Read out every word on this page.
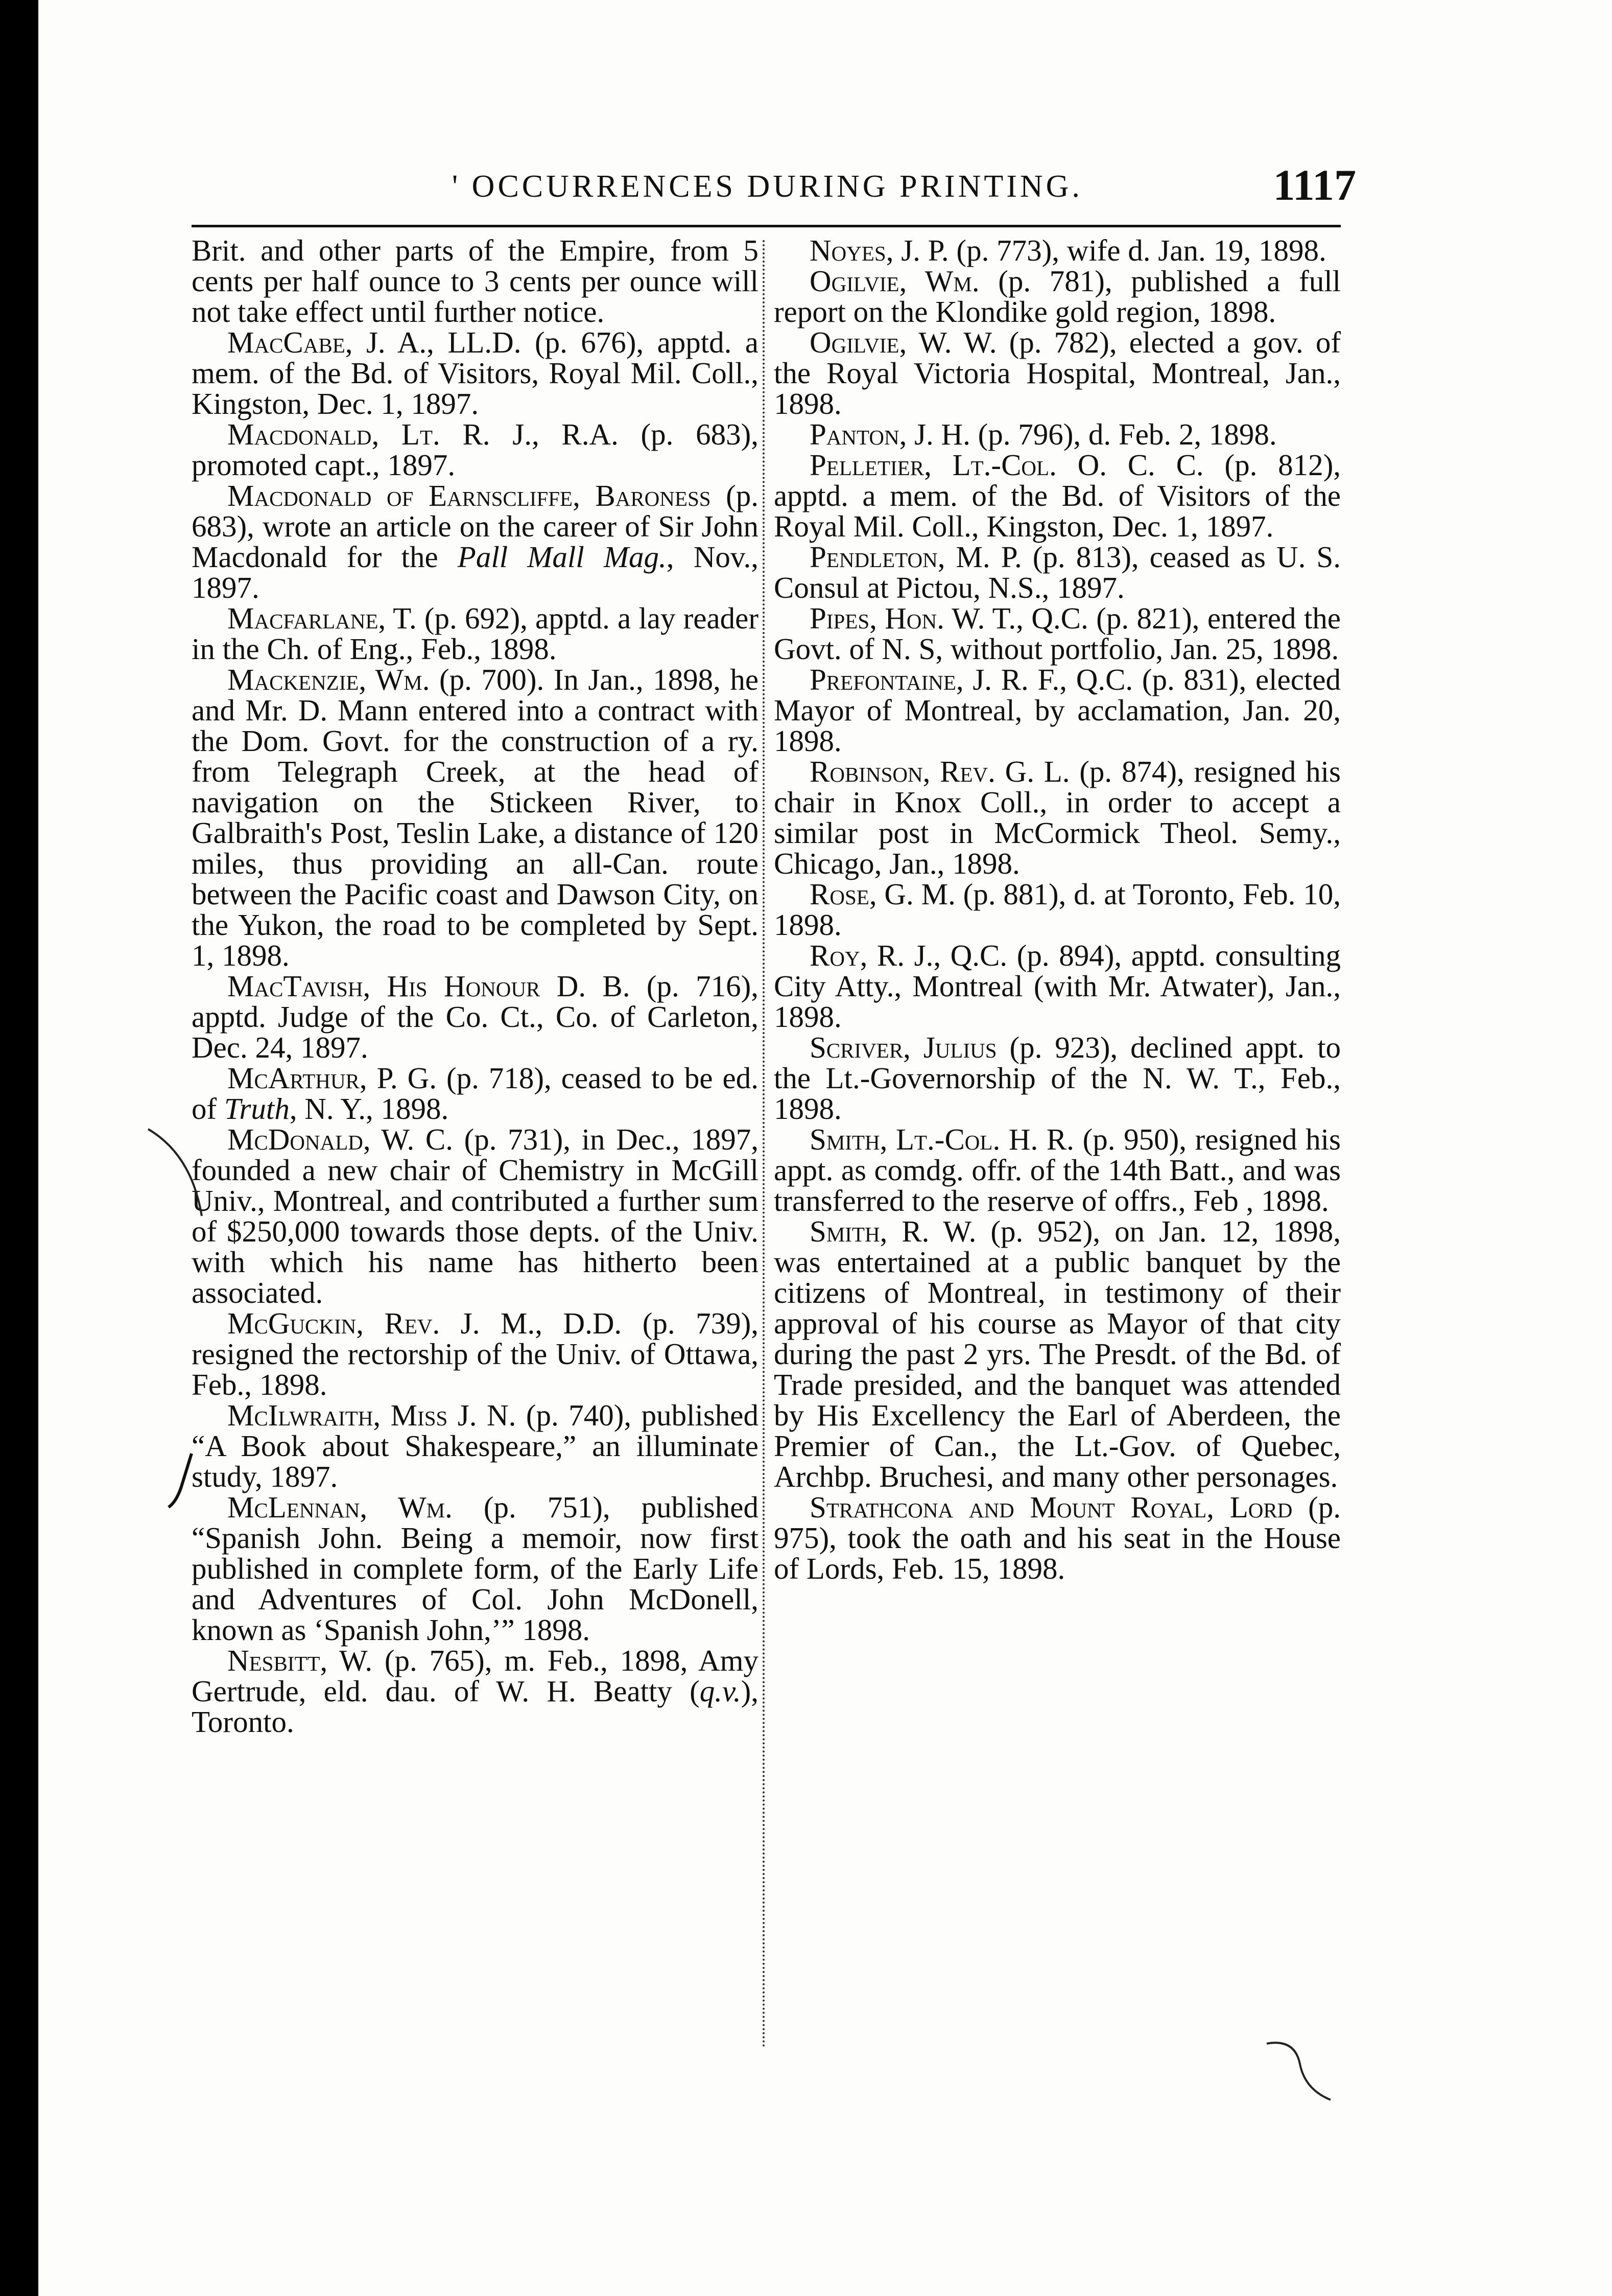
' OCCURRENCES DURING PRINTING.	1117

Brit. and other parts of the Empire, from 5 cents per half ounce to 3 cents per ounce will not take effect until further notice.

MacCabe, J. A., LL.D. (p. 676), apptd. a mem. of the Bd. of Visitors, Royal Mil. Coll., Kingston, Dec. 1, 1897.

Macdonald, Lt. R. J., R.A. (p. 683), promoted capt., 1897.

Macdonald of Earnscliffe, Baroness (p. 683), wrote an article on the career of Sir John Macdonald for the Pall Mall Mag., Nov., 1897.

Macfarlane, T. (p. 692), apptd. a lay reader in the Ch. of Eng., Feb., 1898.

Mackenzie, Wm. (p. 700). In Jan., 1898, he and Mr. D. Mann entered into a contract with the Dom. Govt. for the construction of a ry. from Telegraph Creek, at the head of navigation on the Stickeen River, to Galbraith's Post, Teslin Lake, a distance of 120 miles, thus providing an all-Can. route between the Pacific coast and Dawson City, on the Yukon, the road to be completed by Sept. 1, 1898.

MacTavish, His Honour D. B. (p. 716), apptd. Judge of the Co. Ct., Co. of Carleton, Dec. 24, 1897.

McArthur, P. G. (p. 718), ceased to be ed. of Truth, N. Y., 1898.

McDonald, W. C. (p. 731), in Dec., 1897, founded a new chair of Chemistry in McGill Univ., Montreal, and contributed a further sum of $250,000 towards those depts. of the Univ. with which his name has hitherto been associated.

McGuckin, Rev. J. M., D.D. (p. 739), resigned the rectorship of the Univ. of Ottawa, Feb., 1898.

McIlwraith, Miss J. N. (p. 740), published “A Book about Shakespeare,” an illuminate study, 1897.

McLennan, Wm. (p. 751), published “Spanish John. Being a memoir, now first published in complete form, of the Early Life and Adventures of Col. John McDonell, known as ‘Spanish John,’” 1898.

Nesbitt, W. (p. 765), m. Feb., 1898, Amy Gertrude, eld. dau. of W. H. Beatty (q.v.), Toronto.

Noyes, J. P. (p. 773), wife d. Jan. 19, 1898.

Ogilvie, Wm. (p. 781), published a full report on the Klondike gold region, 1898.

Ogilvie, W. W. (p. 782), elected a gov. of the Royal Victoria Hospital, Montreal, Jan., 1898.

Panton, J. H. (p. 796), d. Feb. 2, 1898.

Pelletier, Lt.-Col. O. C. C. (p. 812), apptd. a mem. of the Bd. of Visitors of the Royal Mil. Coll., Kingston, Dec. 1, 1897.

Pendleton, M. P. (p. 813), ceased as U. S. Consul at Pictou, N.S., 1897.

Pipes, Hon. W. T., Q.C. (p. 821), entered the Govt. of N. S, without portfolio, Jan. 25, 1898.

Prefontaine, J. R. F., Q.C. (p. 831), elected Mayor of Montreal, by acclamation, Jan. 20, 1898.

Robinson, Rev. G. L. (p. 874), resigned his chair in Knox Coll., in order to accept a similar post in McCormick Theol. Semy., Chicago, Jan., 1898.

Rose, G. M. (p. 881), d. at Toronto, Feb. 10, 1898.

Roy, R. J., Q.C. (p. 894), apptd. consulting City Atty., Montreal (with Mr. Atwater), Jan., 1898.

Scriver, Julius (p. 923), declined appt. to the Lt.-Governorship of the N. W. T., Feb., 1898.

Smith, Lt.-Col. H. R. (p. 950), resigned his appt. as comdg. offr. of the 14th Batt., and was transferred to the reserve of offrs., Feb , 1898.

Smith, R. W. (p. 952), on Jan. 12, 1898, was entertained at a public banquet by the citizens of Montreal, in testimony of their approval of his course as Mayor of that city during the past 2 yrs. The Presdt. of the Bd. of Trade presided, and the banquet was attended by His Excellency the Earl of Aberdeen, the Premier of Can., the Lt.-Gov. of Quebec, Archbp. Bruchesi, and many other personages.

Strathcona and Mount Royal, Lord (p. 975), took the oath and his seat in the House of Lords, Feb. 15, 1898.
